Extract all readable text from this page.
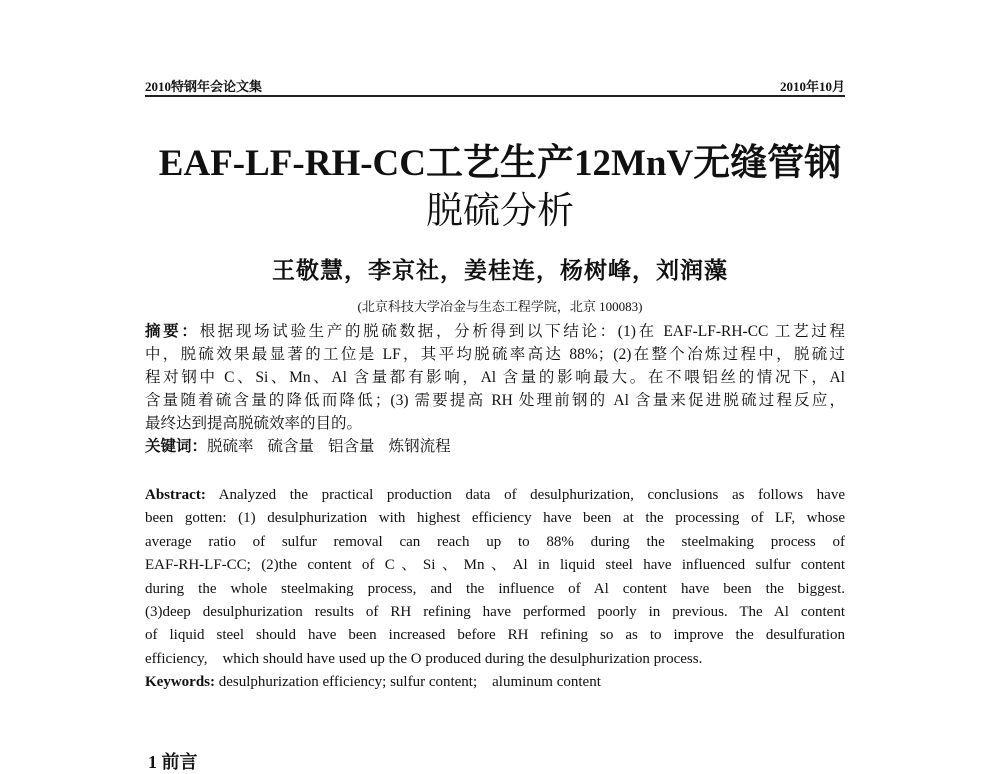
2010特钢年会论文集	2010年10月
EAF-LF-RH-CC工艺生产12MnV无缝管钢
脱硫分析
王敬慧，李京社，姜桂连，杨树峰，刘润藻
(北京科技大学冶金与生态工程学院，北京 100083)
摘要：根据现场试验生产的脱硫数据，分析得到以下结论：(1)在 EAF-LF-RH-CC 工艺过程
中，脱硫效果最显著的工位是 LF，其平均脱硫率高达 88%；(2)在整个冶炼过程中，脱硫过
程对钢中 C、Si、Mn、Al 含量都有影响，Al 含量的影响最大。在不喂铝丝的情况下，Al
含量随着硫含量的降低而降低；(3) 需要提高 RH 处理前钢的 Al 含量来促进脱硫过程反应，
最终达到提高脱硫效率的目的。
关键词：脱硫率 硫含量 铝含量 炼钢流程
Abstract: Analyzed the practical production data of desulphurization, conclusions as follows have
been gotten: (1) desulphurization with highest efficiency have been at the processing of LF, whose
average ratio of sulfur removal can reach up to 88% during the steelmaking process of
EAF-RH-LF-CC; (2)the content of C、Si、Mn、Al in liquid steel have influenced sulfur content
during the whole steelmaking process, and the influence of Al content have been the biggest.
(3)deep desulphurization results of RH refining have performed poorly in previous. The Al content
of liquid steel should have been increased before RH refining so as to improve the desulfuration
efficiency,    which should have used up the O produced during the desulphurization process.
Keywords: desulphurization efficiency; sulfur content;    aluminum content
1 前言
